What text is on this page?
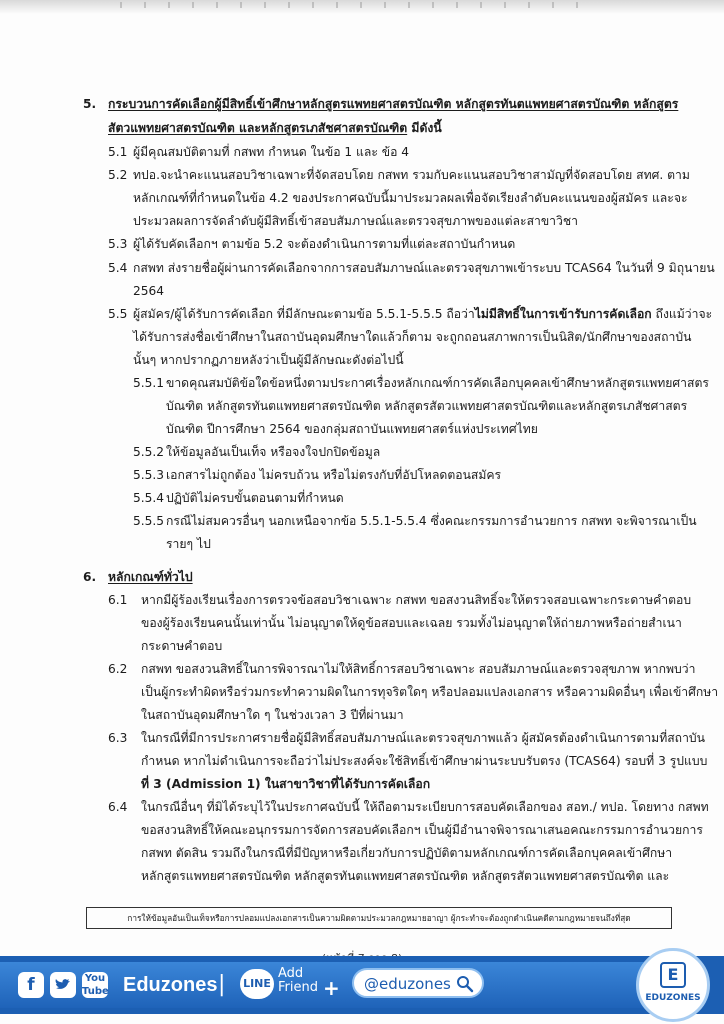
5. กระบวนการคัดเลือกผู้มีสิทธิ์เข้าศึกษาหลักสูตรแพทยศาสตรบัณฑิต หลักสูตรทันตแพทยศาสตรบัณฑิต หลักสูตร
สัตวแพทยศาสตรบัณฑิต และหลักสูตรเภสัชศาสตรบัณฑิต มีดังนี้
5.1 ผู้มีคุณสมบัติตามที่ กสพท กำหนด ในข้อ 1 และ ข้อ 4
5.2 ทปอ.จะนำคะแนนสอบวิชาเฉพาะที่จัดสอบโดย กสพท รวมกับคะแนนสอบวิชาสามัญที่จัดสอบโดย สทศ. ตาม
หลักเกณฑ์ที่กำหนดในข้อ 4.2 ของประกาศฉบับนี้มาประมวลผลเพื่อจัดเรียงลำดับคะแนนของผู้สมัคร และจะ
ประมวลผลการจัดลำดับผู้มีสิทธิ์เข้าสอบสัมภาษณ์และตรวจสุขภาพของแต่ละสาขาวิชา
5.3 ผู้ได้รับคัดเลือกฯ ตามข้อ 5.2 จะต้องดำเนินการตามที่แต่ละสถาบันกำหนด
5.4 กสพท ส่งรายชื่อผู้ผ่านการคัดเลือกจากการสอบสัมภาษณ์และตรวจสุขภาพเข้าระบบ TCAS64 ในวันที่ 9 มิถุนายน
2564
5.5 ผู้สมัคร/ผู้ได้รับการคัดเลือก ที่มีลักษณะตามข้อ 5.5.1-5.5.5 ถือว่าไม่มีสิทธิ์ในการเข้ารับการคัดเลือก ถึงแม้ว่าจะ
ได้รับการส่งชื่อเข้าศึกษาในสถาบันอุดมศึกษาใดแล้วก็ตาม จะถูกถอนสภาพการเป็นนิสิต/นักศึกษาของสถาบัน
นั้นๆ หากปรากฏภายหลังว่าเป็นผู้มีลักษณะดังต่อไปนี้
5.5.1 ขาดคุณสมบัติข้อใดข้อหนึ่งตามประกาศเรื่องหลักเกณฑ์การคัดเลือกบุคคลเข้าศึกษาหลักสูตรแพทยศาสตร
บัณฑิต หลักสูตรทันตแพทยศาสตรบัณฑิต หลักสูตรสัตวแพทยศาสตรบัณฑิตและหลักสูตรเภสัชศาสตร
บัณฑิต ปีการศึกษา 2564 ของกลุ่มสถาบันแพทยศาสตร์แห่งประเทศไทย
5.5.2 ให้ข้อมูลอันเป็นเท็จ หรือจงใจปกปิดข้อมูล
5.5.3 เอกสารไม่ถูกต้อง ไม่ครบถ้วน หรือไม่ตรงกับที่อัปโหลดตอนสมัคร
5.5.4 ปฏิบัติไม่ครบขั้นตอนตามที่กำหนด
5.5.5 กรณีไม่สมควรอื่นๆ นอกเหนือจากข้อ 5.5.1-5.5.4 ซึ่งคณะกรรมการอำนวยการ กสพท จะพิจารณาเป็น
รายๆ ไป
6. หลักเกณฑ์ทั่วไป
6.1 หากมีผู้ร้องเรียนเรื่องการตรวจข้อสอบวิชาเฉพาะ กสพท ขอสงวนสิทธิ์จะให้ตรวจสอบเฉพาะกระดาษคำตอบ
ของผู้ร้องเรียนคนนั้นเท่านั้น ไม่อนุญาตให้ดูข้อสอบและเฉลย รวมทั้งไม่อนุญาตให้ถ่ายภาพหรือถ่ายสำเนา
กระดาษคำตอบ
6.2 กสพท ขอสงวนสิทธิ์ในการพิจารณาไม่ให้สิทธิ์การสอบวิชาเฉพาะ สอบสัมภาษณ์และตรวจสุขภาพ หากพบว่า
เป็นผู้กระทำผิดหรือร่วมกระทำความผิดในการทุจริตใดๆ หรือปลอมแปลงเอกสาร หรือความผิดอื่นๆ เพื่อเข้าศึกษา
ในสถาบันอุดมศึกษาใด ๆ ในช่วงเวลา 3 ปีที่ผ่านมา
6.3 ในกรณีที่มีการประกาศรายชื่อผู้มีสิทธิ์สอบสัมภาษณ์และตรวจสุขภาพแล้ว ผู้สมัครต้องดำเนินการตามที่สถาบัน
กำหนด หากไม่ดำเนินการจะถือว่าไม่ประสงค์จะใช้สิทธิ์เข้าศึกษาผ่านระบบรับตรง (TCAS64) รอบที่ 3 รูปแบบ
ที่ 3 (Admission 1) ในสาขาวิชาที่ได้รับการคัดเลือก
6.4 ในกรณีอื่นๆ ที่มิได้ระบุไว้ในประกาศฉบับนี้ ให้ถือตามระเบียบการสอบคัดเลือกของ สอท./ ทปอ. โดยทาง กสพท
ขอสงวนสิทธิ์ให้คณะอนุกรรมการจัดการสอบคัดเลือกฯ เป็นผู้มีอำนาจพิจารณาเสนอคณะกรรมการอำนวยการ
กสพท ตัดสิน รวมถึงในกรณีที่มีปัญหาหรือเกี่ยวกับการปฏิบัติตามหลักเกณฑ์การคัดเลือกบุคคลเข้าศึกษา
หลักสูตรแพทยศาสตรบัณฑิต หลักสูตรทันตแพทยศาสตรบัณฑิต หลักสูตรสัตวแพทยศาสตรบัณฑิต และ
การให้ข้อมูลอันเป็นเท็จหรือการปลอมแปลงเอกสารเป็นความผิดตามประมวลกฎหมายอาญา ผู้กระทำจะต้องถูกดำเนินคดีตามกฎหมายจนถึงที่สุด
f	You
Tube Eduzones | LINE
Add
Friend + @eduzones	E
EDUZONES
